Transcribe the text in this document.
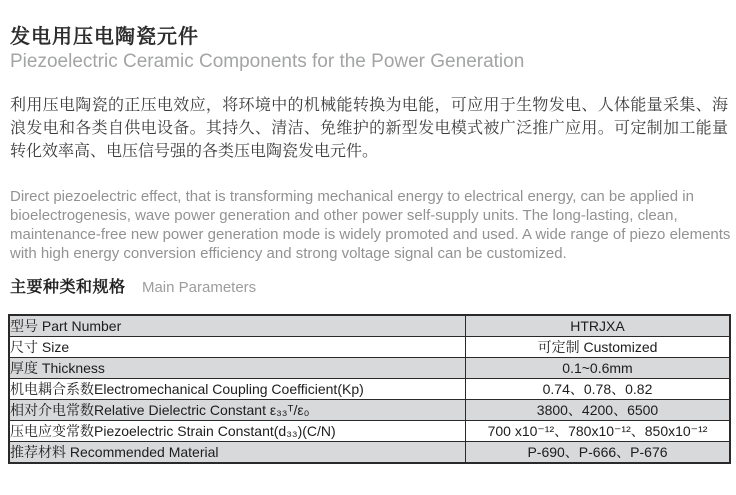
发电用压电陶瓷元件
Piezoelectric Ceramic Components for the Power Generation

利用压电陶瓷的正压电效应，将环境中的机械能转换为电能，可应用于生物发电、人体能量采集、海浪发电和各类自供电设备。其持久、清洁、免维护的新型发电模式被广泛推广应用。可定制加工能量转化效率高、电压信号强的各类压电陶瓷发电元件。

Direct piezoelectric effect, that is transforming mechanical energy to electrical energy, can be applied in bioelectrogenesis, wave power generation and other power self-supply units. The long-lasting, clean, maintenance-free new power generation mode is widely promoted and used. A wide range of piezo elements with high energy conversion efficiency and strong voltage signal can be customized.

主要种类和规格 Main Parameters
型号 Part Number	HTRJXA
尺寸 Size	可定制 Customized
厚度 Thickness	0.1~0.6mm
机电耦合系数Electromechanical Coupling Coefficient(Kp)	0.74、0.78、0.82
相对介电常数Relative Dielectric Constant ε₃₃ᵀ/ε₀	3800、4200、6500
压电应变常数Piezoelectric Strain Constant(d₃₃)(C/N)	700 x10⁻¹²、780x10⁻¹²、850x10⁻¹²
推荐材料 Recommended Material	P-690、P-666、P-676
